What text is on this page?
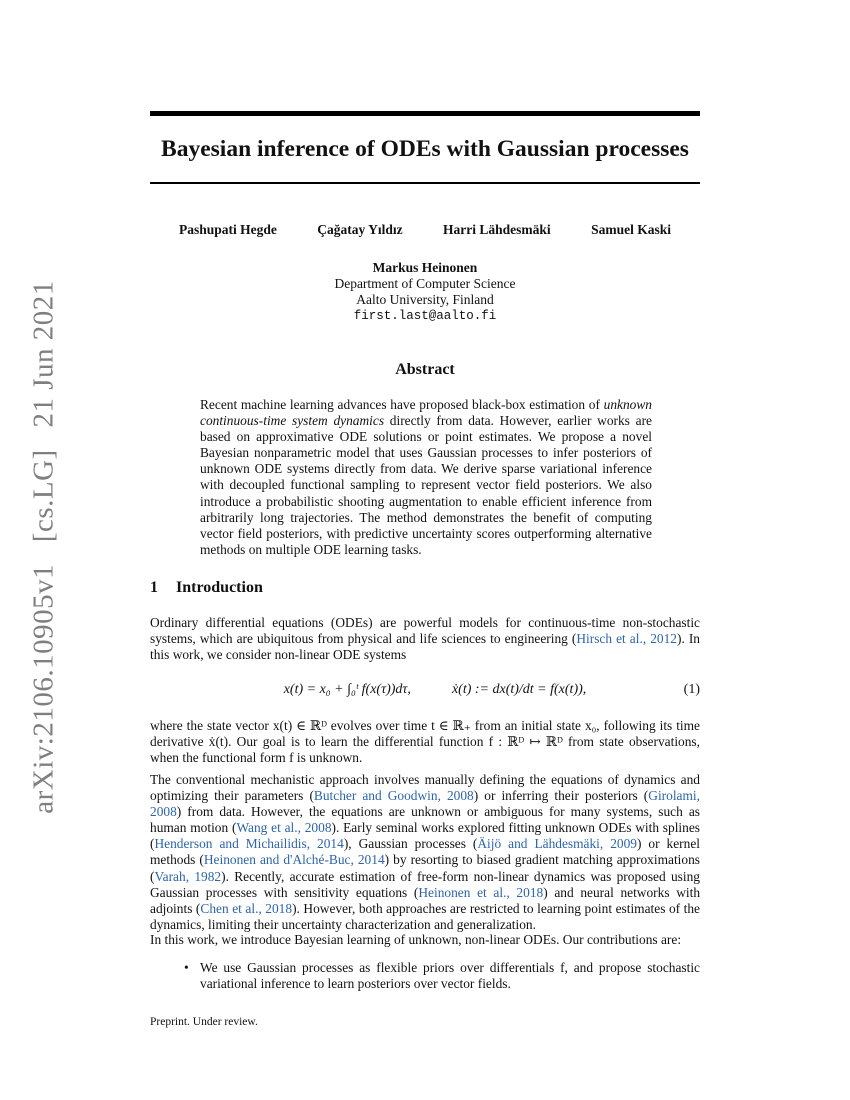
arXiv:2106.10905v1 [cs.LG] 21 Jun 2021
Bayesian inference of ODEs with Gaussian processes
Pashupati Hegde	Çağatay Yıldız	Harri Lähdesmäki	Samuel Kaski
Markus Heinonen
Department of Computer Science
Aalto University, Finland
first.last@aalto.fi
Abstract

Recent machine learning advances have proposed black-box estimation of unknown continuous-time system dynamics directly from data. However, earlier works are based on approximative ODE solutions or point estimates. We propose a novel Bayesian nonparametric model that uses Gaussian processes to infer posteriors of unknown ODE systems directly from data. We derive sparse variational inference with decoupled functional sampling to represent vector field posteriors. We also introduce a probabilistic shooting augmentation to enable efficient inference from arbitrarily long trajectories. The method demonstrates the benefit of computing vector field posteriors, with predictive uncertainty scores outperforming alternative methods on multiple ODE learning tasks.

1 Introduction

Ordinary differential equations (ODEs) are powerful models for continuous-time non-stochastic systems, which are ubiquitous from physical and life sciences to engineering (Hirsch et al., 2012). In this work, we consider non-linear ODE systems

x(t) = x₀ + ∫₀ᵗ f(x(τ))dτ,	ẋ(t) := dx(t)/dt = f(x(t)),	(1)

where the state vector x(t) ∈ ℝᴰ evolves over time t ∈ ℝ₊ from an initial state x₀, following its time derivative ẋ(t). Our goal is to learn the differential function f : ℝᴰ ↦ ℝᴰ from state observations, when the functional form f is unknown.

The conventional mechanistic approach involves manually defining the equations of dynamics and optimizing their parameters (Butcher and Goodwin, 2008) or inferring their posteriors (Girolami, 2008) from data. However, the equations are unknown or ambiguous for many systems, such as human motion (Wang et al., 2008). Early seminal works explored fitting unknown ODEs with splines (Henderson and Michailidis, 2014), Gaussian processes (Äijö and Lähdesmäki, 2009) or kernel methods (Heinonen and d'Alché-Buc, 2014) by resorting to biased gradient matching approximations (Varah, 1982). Recently, accurate estimation of free-form non-linear dynamics was proposed using Gaussian processes with sensitivity equations (Heinonen et al., 2018) and neural networks with adjoints (Chen et al., 2018). However, both approaches are restricted to learning point estimates of the dynamics, limiting their uncertainty characterization and generalization.

In this work, we introduce Bayesian learning of unknown, non-linear ODEs. Our contributions are:

• We use Gaussian processes as flexible priors over differentials f, and propose stochastic variational inference to learn posteriors over vector fields.

Preprint. Under review.
